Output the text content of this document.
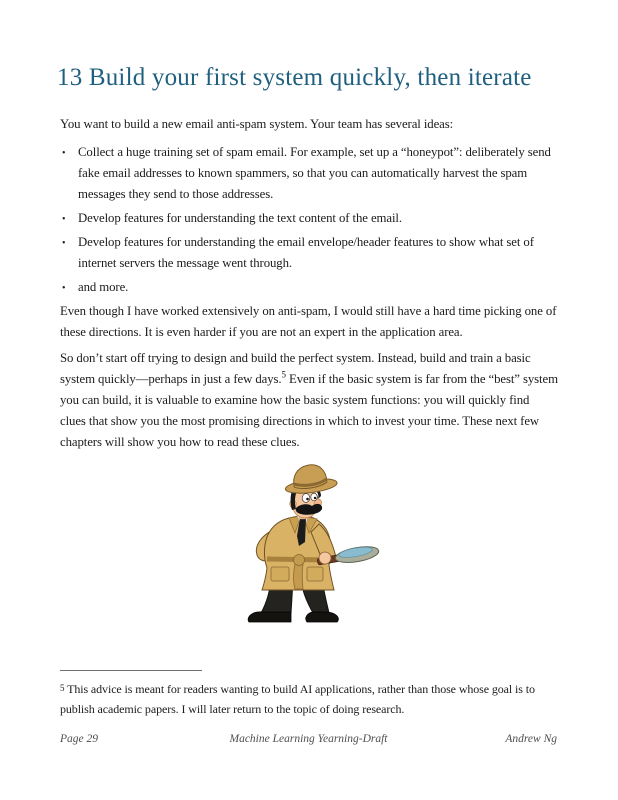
13 Build your first system quickly, then iterate

You want to build a new email anti-spam system. Your team has several ideas:

• Collect a huge training set of spam email. For example, set up a “honeypot”: deliberately send fake email addresses to known spammers, so that you can automatically harvest the spam messages they send to those addresses.
• Develop features for understanding the text content of the email.
• Develop features for understanding the email envelope/header features to show what set of internet servers the message went through.
• and more.

Even though I have worked extensively on anti-spam, I would still have a hard time picking one of these directions. It is even harder if you are not an expert in the application area.

So don’t start off trying to design and build the perfect system. Instead, build and train a basic system quickly—perhaps in just a few days.$^5$ Even if the basic system is far from the “best” system you can build, it is valuable to examine how the basic system functions: you will quickly find clues that show you the most promising directions in which to invest your time. These next few chapters will show you how to read these clues.

$^5$ This advice is meant for readers wanting to build AI applications, rather than those whose goal is to publish academic papers. I will later return to the topic of doing research.

Page 29	Machine Learning Yearning-Draft	Andrew Ng
